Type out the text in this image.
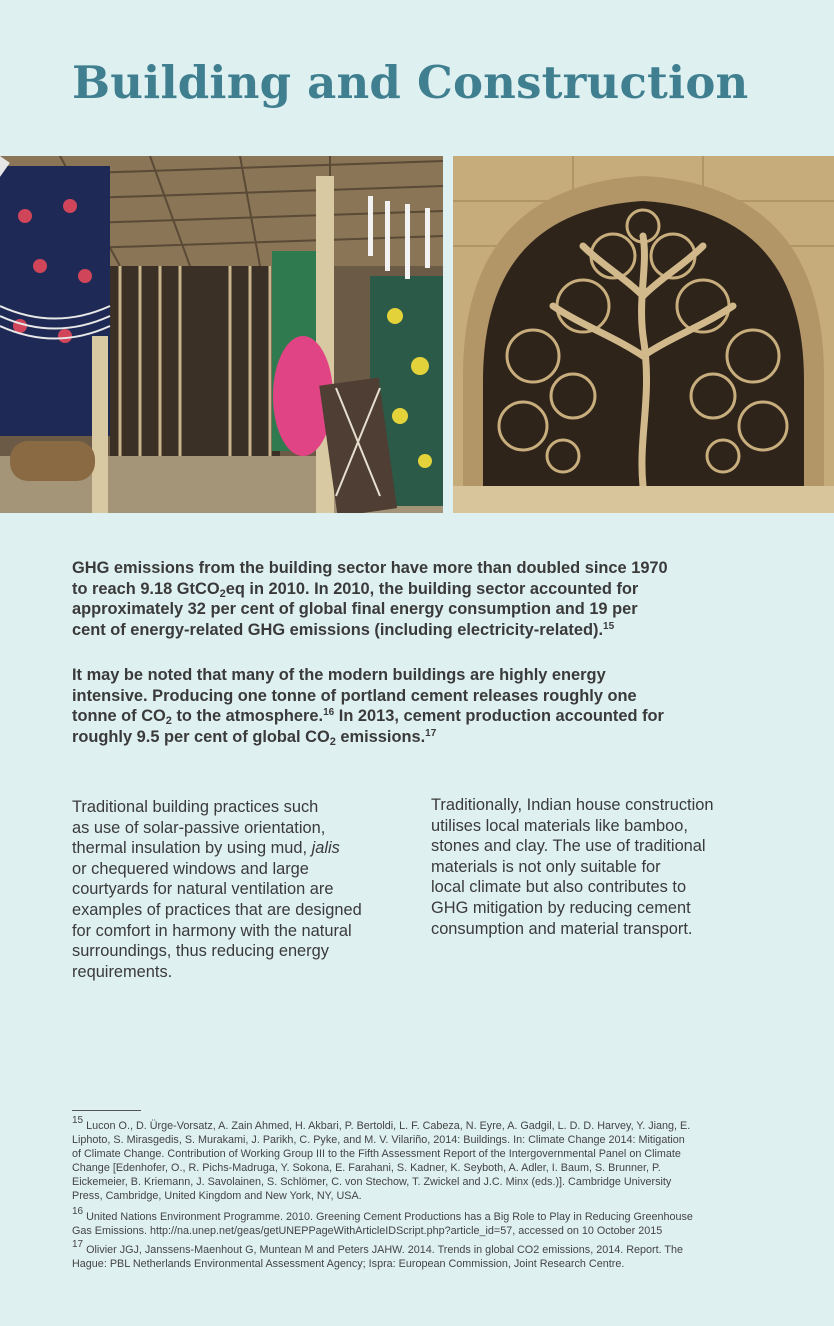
Building and Construction

GHG emissions from the building sector have more than doubled since 1970
to reach 9.18 GtCO$_2$eq in 2010. In 2010, the building sector accounted for
approximately 32 per cent of global final energy consumption and 19 per
cent of energy-related GHG emissions (including electricity-related).$^{15}$

It may be noted that many of the modern buildings are highly energy
intensive. Producing one tonne of portland cement releases roughly one
tonne of $CO_2$ to the atmosphere.$^{16}$ In 2013, cement production accounted for
roughly 9.5 per cent of global $CO_2$ emissions.$^{17}$

Traditional building practices such
as use of solar-passive orientation,
thermal insulation by using mud, jalis
or chequered windows and large
courtyards for natural ventilation are
examples of practices that are designed
for comfort in harmony with the natural
surroundings, thus reducing energy
requirements.

Traditionally, Indian house construction
utilises local materials like bamboo,
stones and clay. The use of traditional
materials is not only suitable for
local climate but also contributes to
GHG mitigation by reducing cement
consumption and material transport.

$^{15}$ Lucon O., D. Ürge-Vorsatz, A. Zain Ahmed, H. Akbari, P. Bertoldi, L. F. Cabeza, N. Eyre, A. Gadgil, L. D. D. Harvey, Y. Jiang, E.
Liphoto, S. Mirasgedis, S. Murakami, J. Parikh, C. Pyke, and M. V. Vilariño, 2014: Buildings. In: Climate Change 2014: Mitigation
of Climate Change. Contribution of Working Group III to the Fifth Assessment Report of the Intergovernmental Panel on Climate
Change [Edenhofer, O., R. Pichs-Madruga, Y. Sokona, E. Farahani, S. Kadner, K. Seyboth, A. Adler, I. Baum, S. Brunner, P.
Eickemeier, B. Kriemann, J. Savolainen, S. Schlömer, C. von Stechow, T. Zwickel and J.C. Minx (eds.)]. Cambridge University
Press, Cambridge, United Kingdom and New York, NY, USA.

$^{16}$ United Nations Environment Programme. 2010. Greening Cement Productions has a Big Role to Play in Reducing Greenhouse
Gas Emissions. http://na.unep.net/geas/getUNEPPageWithArticleIDScript.php?article_id=57, accessed on 10 October 2015

$^{17}$ Olivier JGJ, Janssens-Maenhout G, Muntean M and Peters JAHW. 2014. Trends in global CO2 emissions, 2014. Report. The
Hague: PBL Netherlands Environmental Assessment Agency; Ispra: European Commission, Joint Research Centre.
